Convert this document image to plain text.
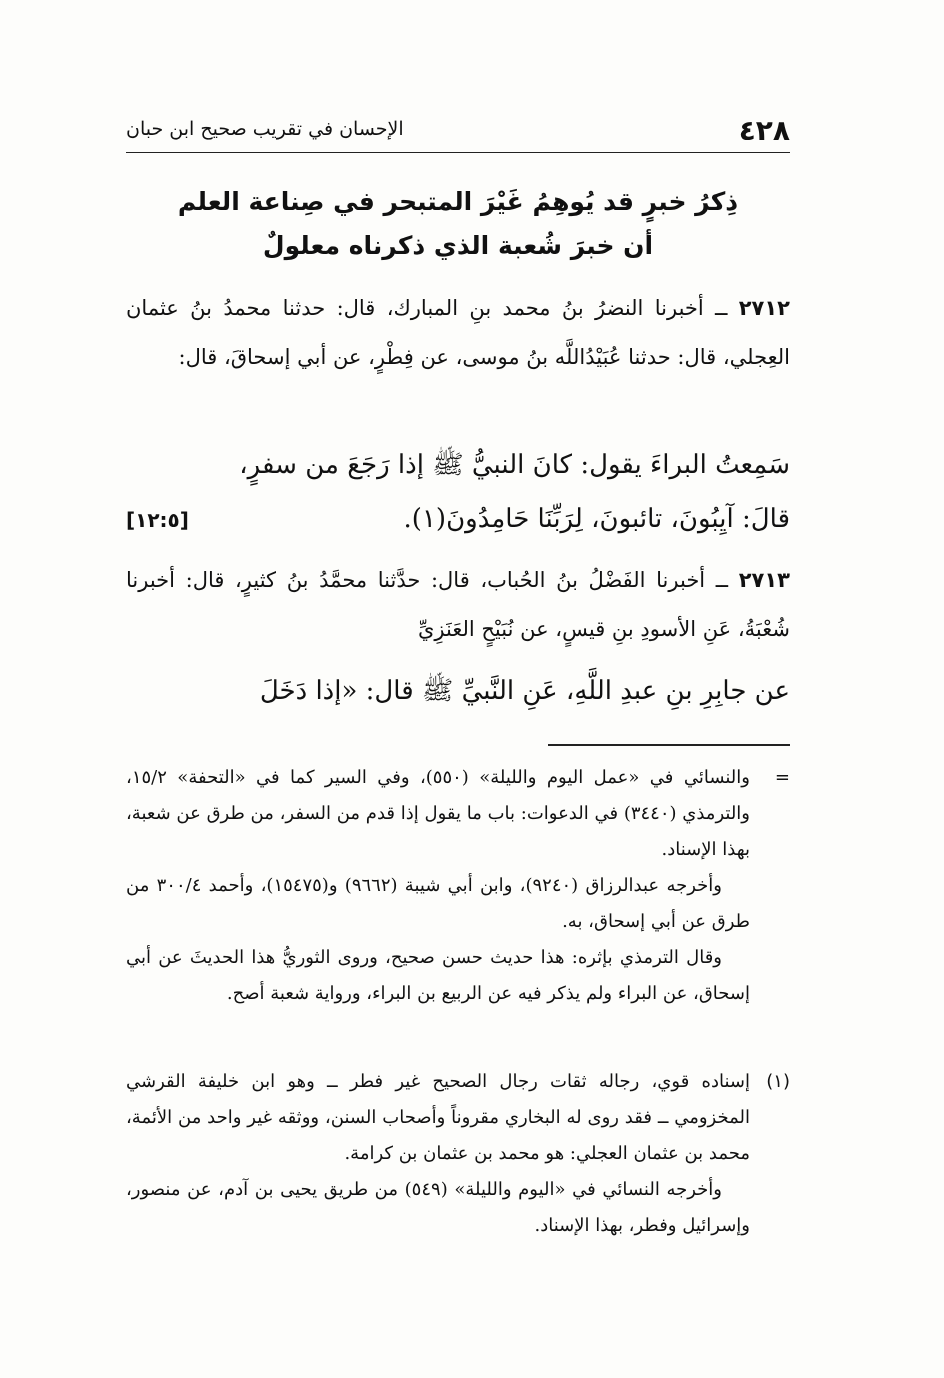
٤٢٨
الإحسان في تقريب صحيح ابن حبان
ذِكرُ خبرٍ قد يُوهِمُ غَيْرَ المتبحر في صِناعة العلم
أن خبرَ شُعبة الذي ذكرناه معلولٌ
٢٧١٢ ــ أخبرنا النضرُ بنُ محمد بنِ المبارك، قال: حدثنا محمدُ بنُ عثمان العِجلي، قال: حدثنا عُبَيْدُاللَّه بنُ موسى، عن فِطْرٍ، عن أبي إسحاقَ، قال:
سَمِعتُ البراءَ يقول: كانَ النبيُّ ﷺ إذا رَجَعَ من سفرٍ،
قالَ: آيِبُونَ، تائبونَ، لِرَبِّنَا حَامِدُونَ(١).
[١٢:٥]
٢٧١٣ ــ أخبرنا الفَضْلُ بنُ الحُباب، قال: حدَّثنا محمَّدُ بنُ كثيرٍ، قال: أخبرنا شُعْبَةُ، عَنِ الأسودِ بنِ قيسٍ، عن نُبَيْحٍ العَنَزِيِّ
عن جابِرِ بنِ عبدِ اللَّهِ، عَنِ النَّبيِّ ﷺ قال: «إذا دَخَلَ
=

والنسائي في «عمل اليوم والليلة» (٥٥٠)، وفي السير كما في «التحفة» ١٥/٢، والترمذي (٣٤٤٠) في الدعوات: باب ما يقول إذا قدم من السفر، من طرق عن شعبة، بهذا الإسناد.

وأخرجه عبدالرزاق (٩٢٤٠)، وابن أبي شيبة (٩٦٦٢) و(١٥٤٧٥)، وأحمد ٣٠٠/٤ من طرق عن أبي إسحاق، به.

وقال الترمذي بإثره: هذا حديث حسن صحيح، وروى الثوريُّ هذا الحديثَ عن أبي إسحاق، عن البراء ولم يذكر فيه عن الربيع بن البراء، ورواية شعبة أصح.

(١)

إسناده قوي، رجاله ثقات رجال الصحيح غير فطر ــ وهو ابن خليفة القرشي المخزومي ــ فقد روى له البخاري مقروناً وأصحاب السنن، ووثقه غير واحد من الأئمة، محمد بن عثمان العجلي: هو محمد بن عثمان بن كرامة.

وأخرجه النسائي في «اليوم والليلة» (٥٤٩) من طريق يحيى بن آدم، عن منصور، وإسرائيل وفطر، بهذا الإسناد.
